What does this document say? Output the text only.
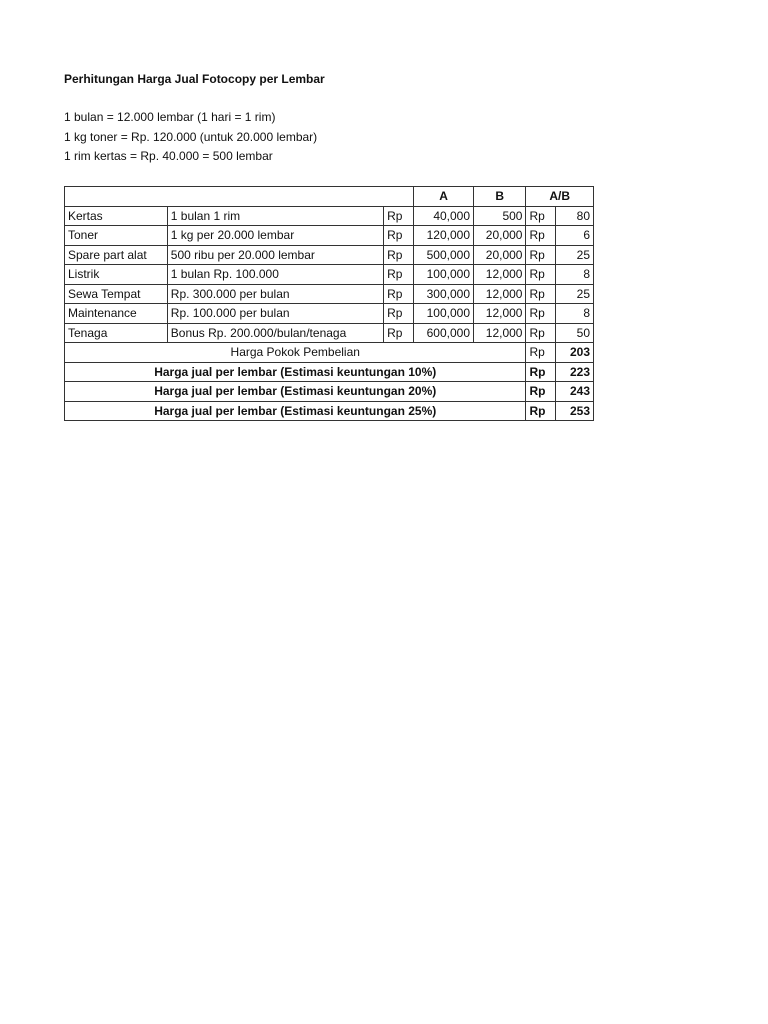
Perhitungan Harga Jual Fotocopy per Lembar
1 bulan = 12.000 lembar (1 hari = 1 rim)
1 kg toner = Rp. 120.000 (untuk 20.000 lembar)
1 rim kertas = Rp. 40.000 = 500 lembar
			A	B	A/B	
Kertas	1 bulan 1 rim	Rp	40,000	500	Rp	80
Toner	1 kg per 20.000 lembar	Rp	120,000	20,000	Rp	6
Spare part alat	500 ribu per 20.000 lembar	Rp	500,000	20,000	Rp	25
Listrik	1 bulan Rp. 100.000	Rp	100,000	12,000	Rp	8
Sewa Tempat	Rp. 300.000 per bulan	Rp	300,000	12,000	Rp	25
Maintenance	Rp. 100.000 per bulan	Rp	100,000	12,000	Rp	8
Tenaga	Bonus Rp. 200.000/bulan/tenaga	Rp	600,000	12,000	Rp	50
Harga Pokok Pembelian					Rp	203
Harga jual per lembar (Estimasi keuntungan 10%)					Rp	223
Harga jual per lembar (Estimasi keuntungan 20%)					Rp	243
Harga jual per lembar (Estimasi keuntungan 25%)					Rp	253
